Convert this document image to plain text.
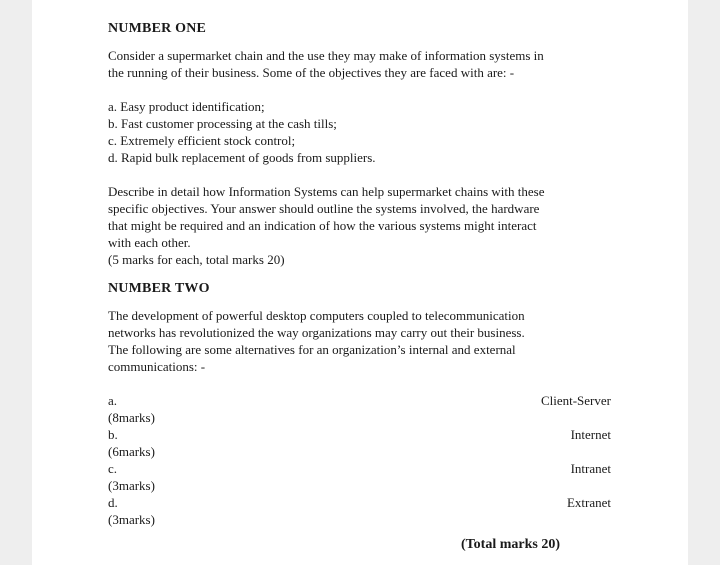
NUMBER ONE

Consider a supermarket chain and the use they may make of information systems in
the running of their business. Some of the objectives they are faced with are: -

a. Easy product identification;
b. Fast customer processing at the cash tills;
c. Extremely efficient stock control;
d. Rapid bulk replacement of goods from suppliers.

Describe in detail how Information Systems can help supermarket chains with these
specific objectives. Your answer should outline the systems involved, the hardware
that might be required and an indication of how the various systems might interact
with each other.

(5 marks for each, total marks 20)
NUMBER TWO

The development of powerful desktop computers coupled to telecommunication
networks has revolutionized the way organizations may carry out their business.
The following are some alternatives for an organization’s internal and external
communications: -

a.	Client-Server
(8marks)
b.	Internet
(6marks)
c.	Intranet
(3marks)
d.	Extranet
(3marks)
(Total marks 20)
